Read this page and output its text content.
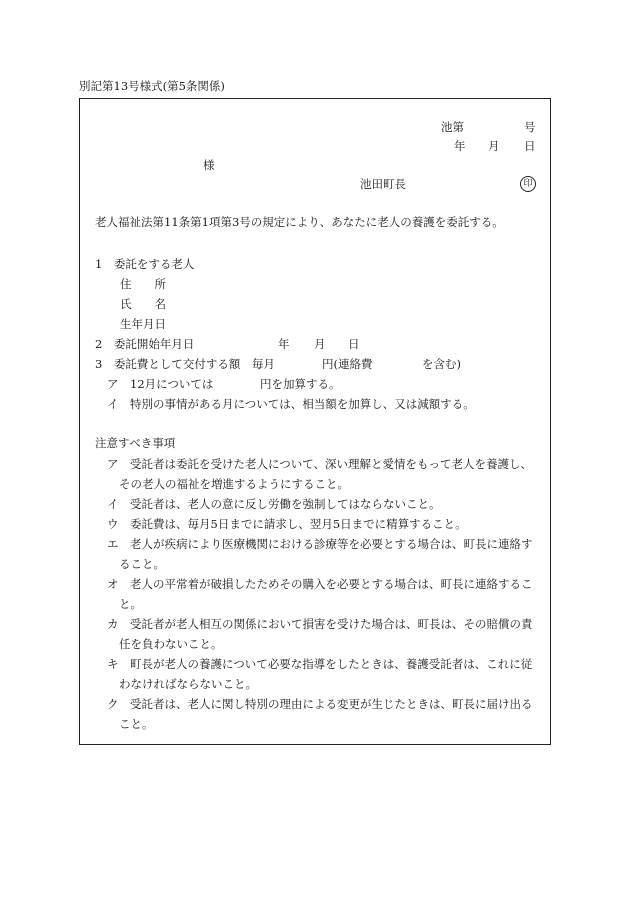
別記第13号様式(第5条関係)
池第	号
年 月 日
様
池田町長	印
老人福祉法第11条第1項第3号の規定により、あなたに老人の養護を委託する。
1　委託をする老人
住　　所
氏　　名
生年月日
2　委託開始年月日	年 月 日
3　委託費として交付する額　毎月	円(連絡費	を含む)
ア　12月については	円を加算する。
イ　特別の事情がある月については、相当額を加算し、又は減額する。
注意すべき事項
ア　受託者は委託を受けた老人について、深い理解と愛情をもって老人を養護し、
その老人の福祉を増進するようにすること。
イ　受託者は、老人の意に反し労働を強制してはならないこと。
ウ　委託費は、毎月5日までに請求し、翌月5日までに精算すること。
エ　老人が疾病により医療機関における診療等を必要とする場合は、町長に連絡す
ること。
オ　老人の平常着が破損したためその購入を必要とする場合は、町長に連絡するこ
と。
カ　受託者が老人相互の関係において損害を受けた場合は、町長は、その賠償の責
任を負わないこと。
キ　町長が老人の養護について必要な指導をしたときは、養護受託者は、これに従
わなければならないこと。
ク　受託者は、老人に関し特別の理由による変更が生じたときは、町長に届け出る
こと。
